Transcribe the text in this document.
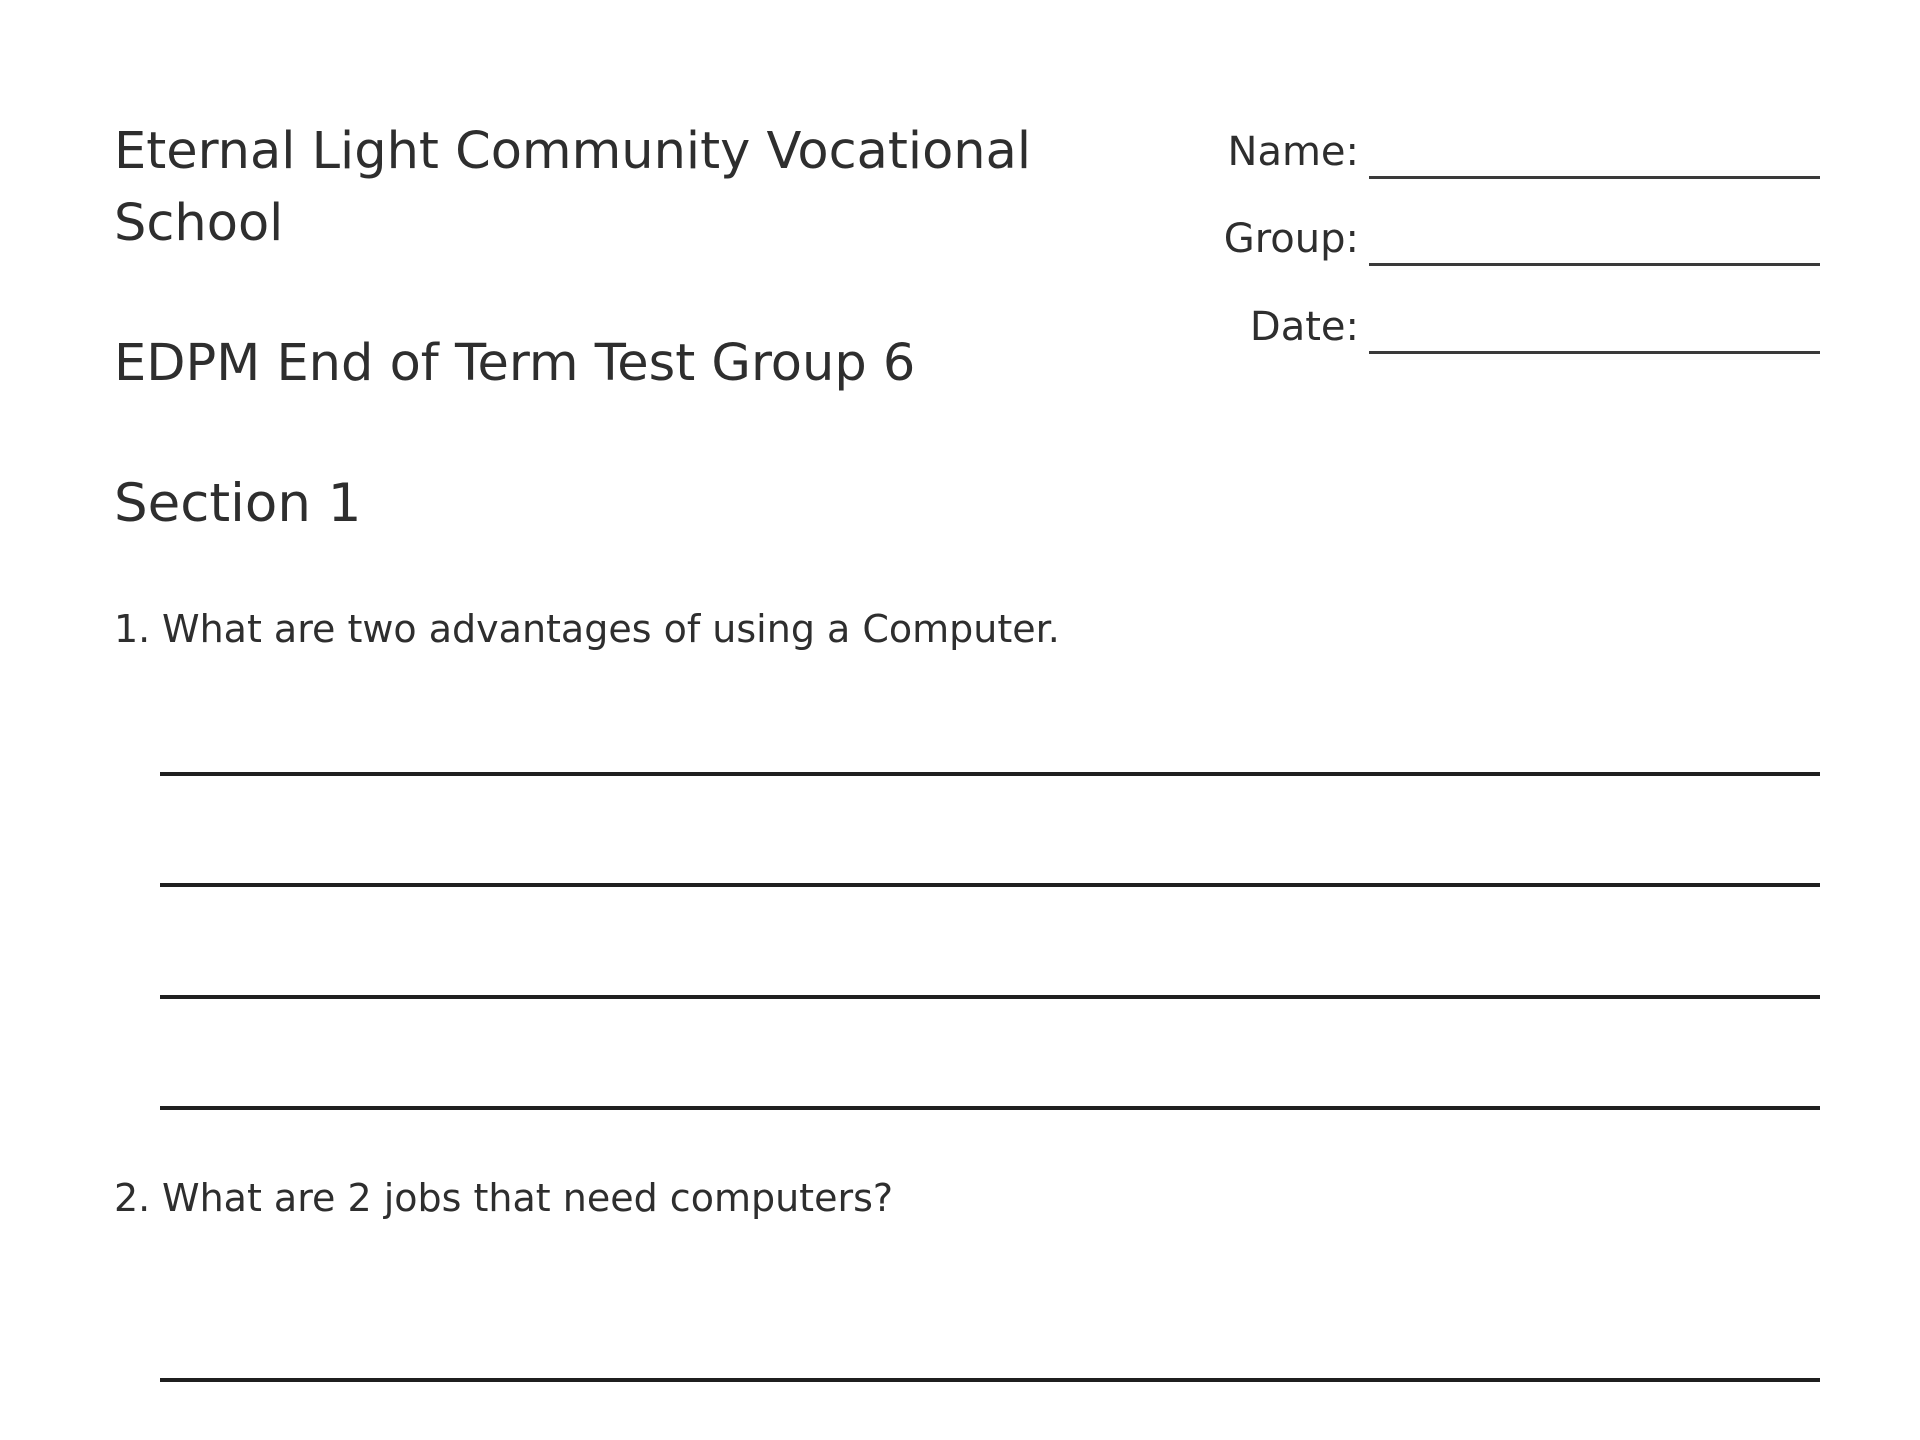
Eternal Light Community Vocational School
EDPM End of Term Test Group 6
Section 1
Name:
Group:
Date:
1. What are two advantages of using a Computer.
2. What are 2 jobs that need computers?
